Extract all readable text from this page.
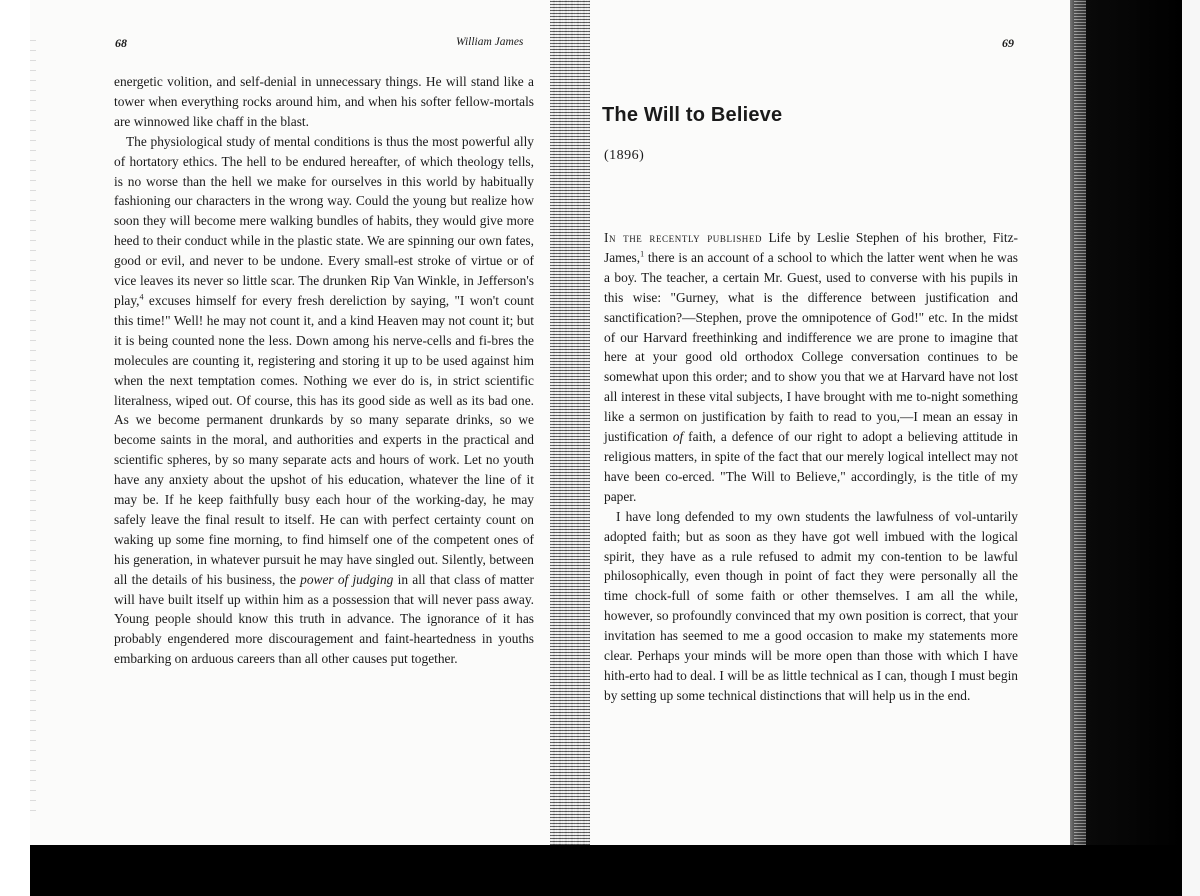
68	William James

energetic volition, and self-denial in unnecessary things. He will stand like a tower when everything rocks around him, and when his softer fellow-mortals are winnowed like chaff in the blast.

The physiological study of mental conditions is thus the most powerful ally of hortatory ethics. The hell to be endured hereafter, of which theology tells, is no worse than the hell we make for ourselves in this world by habitually fashioning our characters in the wrong way. Could the young but realize how soon they will become mere walking bundles of habits, they would give more heed to their conduct while in the plastic state. We are spinning our own fates, good or evil, and never to be undone. Every small-est stroke of virtue or of vice leaves its never so little scar. The drunken Rip Van Winkle, in Jefferson's play,$^4$ excuses himself for every fresh dereliction by saying, "I won't count this time!" Well! he may not count it, and a kind Heaven may not count it; but it is being counted none the less. Down among his nerve-cells and fi-bres the molecules are counting it, registering and storing it up to be used against him when the next temptation comes. Nothing we ever do is, in strict scientific literalness, wiped out. Of course, this has its good side as well as its bad one. As we become permanent drunkards by so many separate drinks, so we become saints in the moral, and authorities and experts in the practical and scientific spheres, by so many separate acts and hours of work. Let no youth have any anxiety about the upshot of his education, whatever the line of it may be. If he keep faithfully busy each hour of the working-day, he may safely leave the final result to itself. He can with perfect certainty count on waking up some fine morning, to find himself one of the competent ones of his generation, in whatever pursuit he may have singled out. Silently, between all the details of his business, the power of judging in all that class of matter will have built itself up within him as a possession that will never pass away. Young people should know this truth in advance. The ignorance of it has probably engendered more discouragement and faint-heartedness in youths embarking on arduous careers than all other causes put together.

69
The Will to Believe
(1896)

In the recently published Life by Leslie Stephen of his brother, Fitz-James,$^1$ there is an account of a school to which the latter went when he was a boy. The teacher, a certain Mr. Guest, used to converse with his pupils in this wise: "Gurney, what is the difference between justification and sanctification?—Stephen, prove the omnipotence of God!" etc. In the midst of our Harvard freethinking and indifference we are prone to imagine that here at your good old orthodox College conversation continues to be somewhat upon this order; and to show you that we at Harvard have not lost all interest in these vital subjects, I have brought with me to-night something like a sermon on justification by faith to read to you,—I mean an essay in justification of faith, a defence of our right to adopt a believing attitude in religious matters, in spite of the fact that our merely logical intellect may not have been co-erced. "The Will to Believe," accordingly, is the title of my paper.

I have long defended to my own students the lawfulness of vol-untarily adopted faith; but as soon as they have got well imbued with the logical spirit, they have as a rule refused to admit my con-tention to be lawful philosophically, even though in point of fact they were personally all the time chock-full of some faith or other themselves. I am all the while, however, so profoundly convinced that my own position is correct, that your invitation has seemed to me a good occasion to make my statements more clear. Perhaps your minds will be more open than those with which I have hith-erto had to deal. I will be as little technical as I can, though I must begin by setting up some technical distinctions that will help us in the end.
